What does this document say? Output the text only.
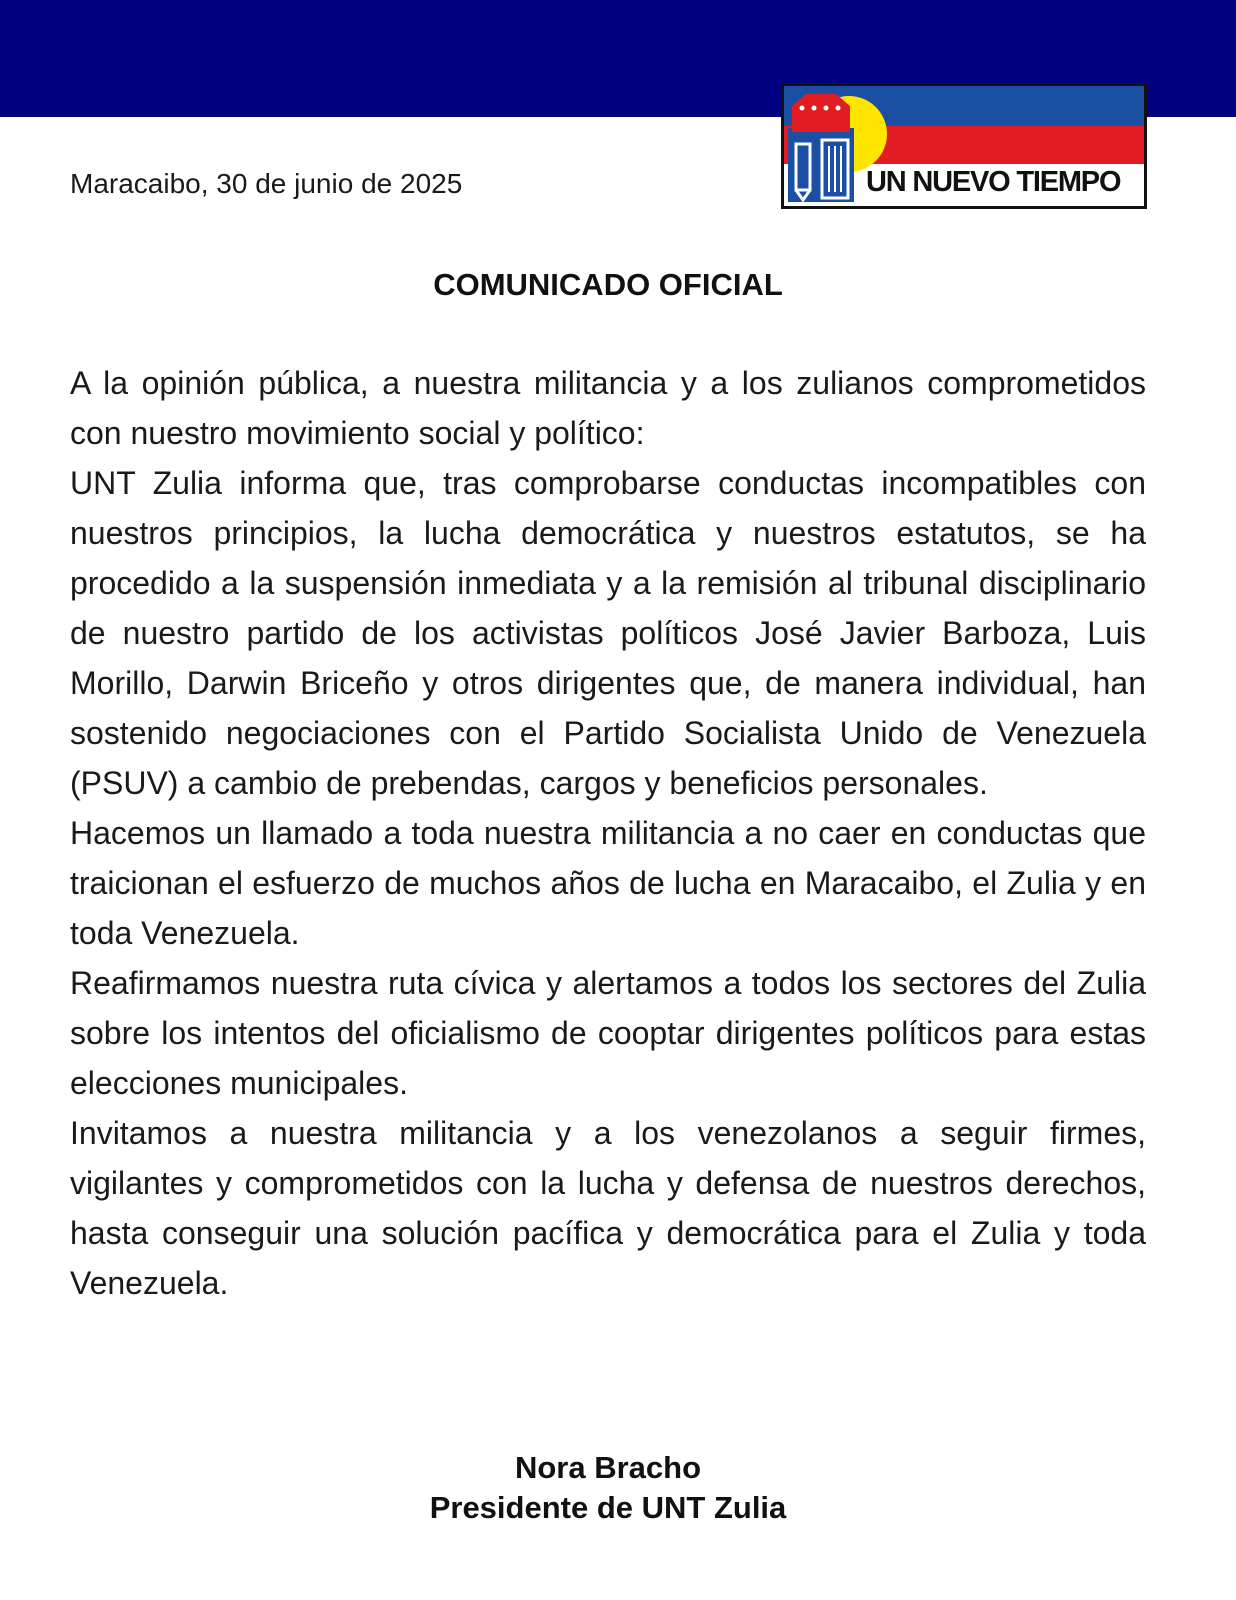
UN NUEVO TIEMPO
Maracaibo, 30 de junio de 2025
COMUNICADO OFICIAL

A la opinión pública, a nuestra militancia y a los zulianos comprometidos con nuestro movimiento social y político:

UNT Zulia informa que, tras comprobarse conductas incompatibles con nuestros principios, la lucha democrática y nuestros estatutos, se ha procedido a la suspensión inmediata y a la remisión al tribunal disciplinario de nuestro partido de los activistas políticos José Javier Barboza, Luis Morillo, Darwin Briceño y otros dirigentes que, de manera individual, han sostenido negociaciones con el Partido Socialista Unido de Venezuela (PSUV) a cambio de prebendas, cargos y beneficios personales.

Hacemos un llamado a toda nuestra militancia a no caer en conductas que traicionan el esfuerzo de muchos años de lucha en Maracaibo, el Zulia y en toda Venezuela.

Reafirmamos nuestra ruta cívica y alertamos a todos los sectores del Zulia sobre los intentos del oficialismo de cooptar dirigentes políticos para estas elecciones municipales.

Invitamos a nuestra militancia y a los venezolanos a seguir firmes, vigilantes y comprometidos con la lucha y defensa de nuestros derechos, hasta conseguir una solución pacífica y democrática para el Zulia y toda Venezuela.

Nora Bracho
Presidente de UNT Zulia
